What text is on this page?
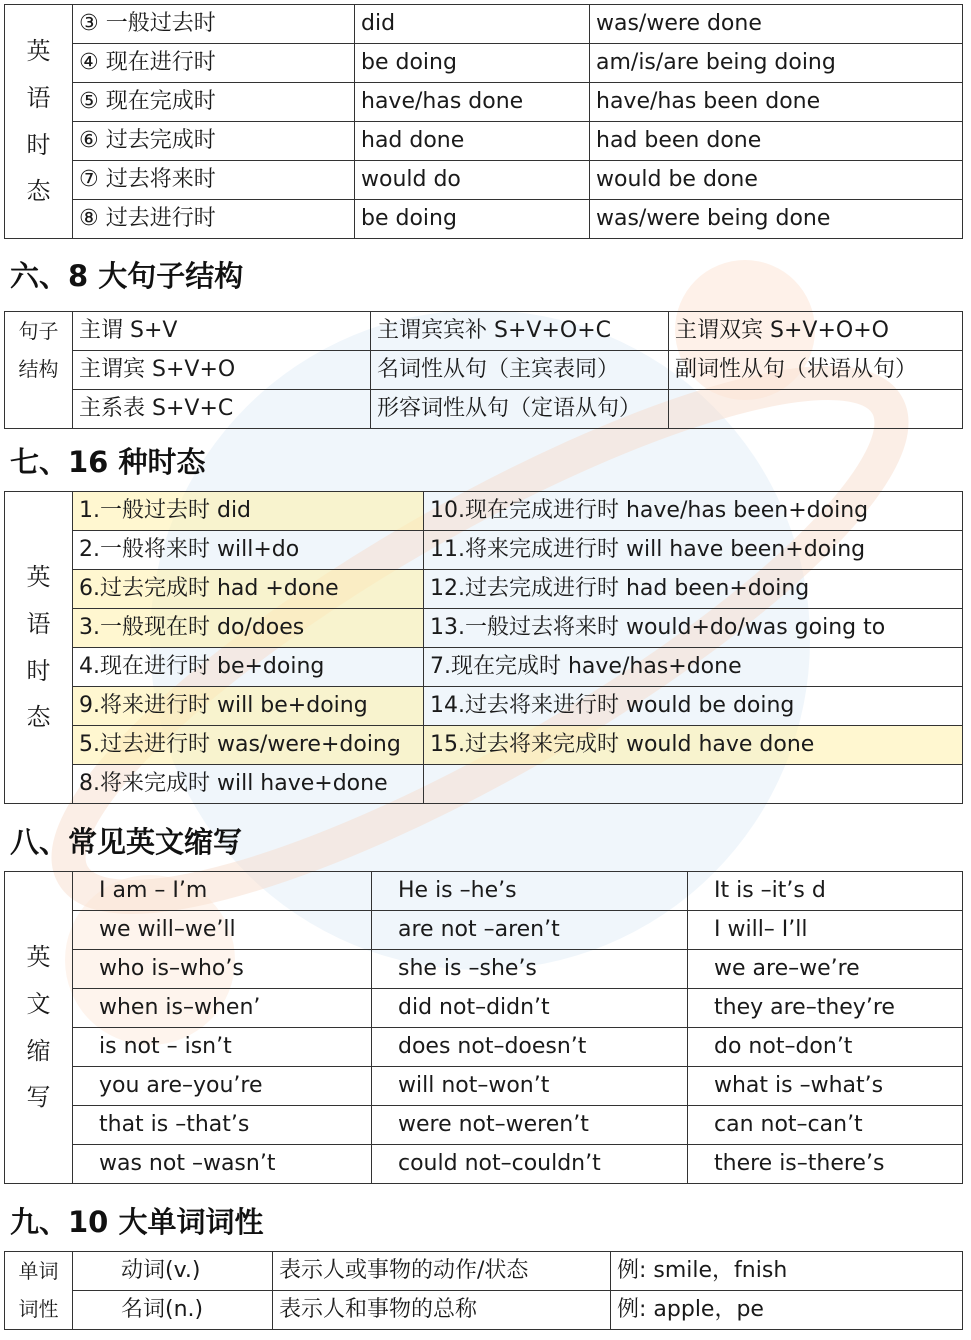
英
语
时
态	③ 一般过去时	did	was/were done
	④ 现在进行时	be doing	am/is/are being doing
	⑤ 现在完成时	have/has done	have/has been done
	⑥ 过去完成时	had done	had been done
	⑦ 过去将来时	would do	would be done
	⑧ 过去进行时	be doing	was/were being done
六、8 大句子结构
句子
结构	主谓 S+V	主谓宾宾补 S+V+O+C	主谓双宾 S+V+O+O
	主谓宾 S+V+O	名词性从句（主宾表同）	副词性从句（状语从句）
	主系表 S+V+C	形容词性从句（定语从句）	
七、16 种时态
英
语
时
态	1.一般过去时 did	10.现在完成进行时 have/has been+doing
	2.一般将来时 will+do	11.将来完成进行时 will have been+doing
	6.过去完成时 had +done	12.过去完成进行时 had been+doing
	3.一般现在时 do/does	13.一般过去将来时 would+do/was going to
	4.现在进行时 be+doing	7.现在完成时 have/has+done
	9.将来进行时 will be+doing	14.过去将来进行时 would be doing
	5.过去进行时 was/were+doing	15.过去将来完成时 would have done
	8.将来完成时 will have+done	
八、常见英文缩写
英
文
缩
写	I am – I’m	He is –he’s	It is –it’s d
	we will–we’ll	are not –aren’t	I will– I’ll
	who is–who’s	she is –she’s	we are–we’re
	when is–when’	did not–didn’t	they are–they’re
	is not – isn’t	does not–doesn’t	do not–don’t
	you are–you’re	will not–won’t	what is –what’s
	that is –that’s	were not–weren’t	can not–can’t
	was not –wasn’t	could not–couldn’t	there is–there’s
九、10 大单词词性
单词
词性	动词(v.)	表示人或事物的动作/状态	例: smile，fnish
	名词(n.)	表示人和事物的总称	例: apple，pe
